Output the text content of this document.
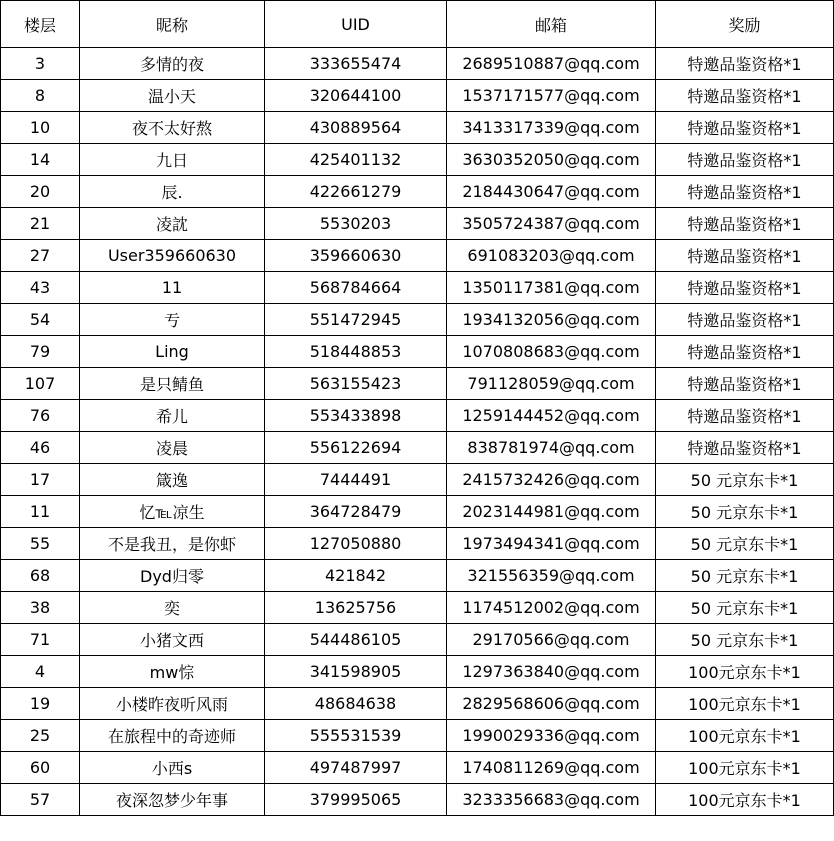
楼层	昵称	UID	邮箱	奖励
3	多情的夜	333655474	2689510887@qq.com	特邀品鉴资格*1
8	温小天	320644100	1537171577@qq.com	特邀品鉴资格*1
10	夜不太好熬	430889564	3413317339@qq.com	特邀品鉴资格*1
14	九日	425401132	3630352050@qq.com	特邀品鉴资格*1
20	辰.	422661279	2184430647@qq.com	特邀品鉴资格*1
21	凌訦	5530203	3505724387@qq.com	特邀品鉴资格*1
27	User359660630	359660630	691083203@qq.com	特邀品鉴资格*1
43	11	568784664	1350117381@qq.com	特邀品鉴资格*1
54	亐	551472945	1934132056@qq.com	特邀品鉴资格*1
79	Ling	518448853	1070808683@qq.com	特邀品鉴资格*1
107	是只鲭鱼	563155423	791128059@qq.com	特邀品鉴资格*1
76	希儿	553433898	1259144452@qq.com	特邀品鉴资格*1
46	凌晨	556122694	838781974@qq.com	特邀品鉴资格*1
17	箴逸	7444491	2415732426@qq.com	50 元京东卡*1
11	忆℡凉生	364728479	2023144981@qq.com	50 元京东卡*1
55	不是我丑，是你虾	127050880	1973494341@qq.com	50 元京东卡*1
68	Dyd归零	421842	321556359@qq.com	50 元京东卡*1
38	奕	13625756	1174512002@qq.com	50 元京东卡*1
71	小猪文西	544486105	29170566@qq.com	50 元京东卡*1
4	mw悰	341598905	1297363840@qq.com	100元京东卡*1
19	小楼昨夜听风雨	48684638	2829568606@qq.com	100元京东卡*1
25	在旅程中的奇迹师	555531539	1990029336@qq.com	100元京东卡*1
60	小西s	497487997	1740811269@qq.com	100元京东卡*1
57	夜深忽梦少年事	379995065	3233356683@qq.com	100元京东卡*1
